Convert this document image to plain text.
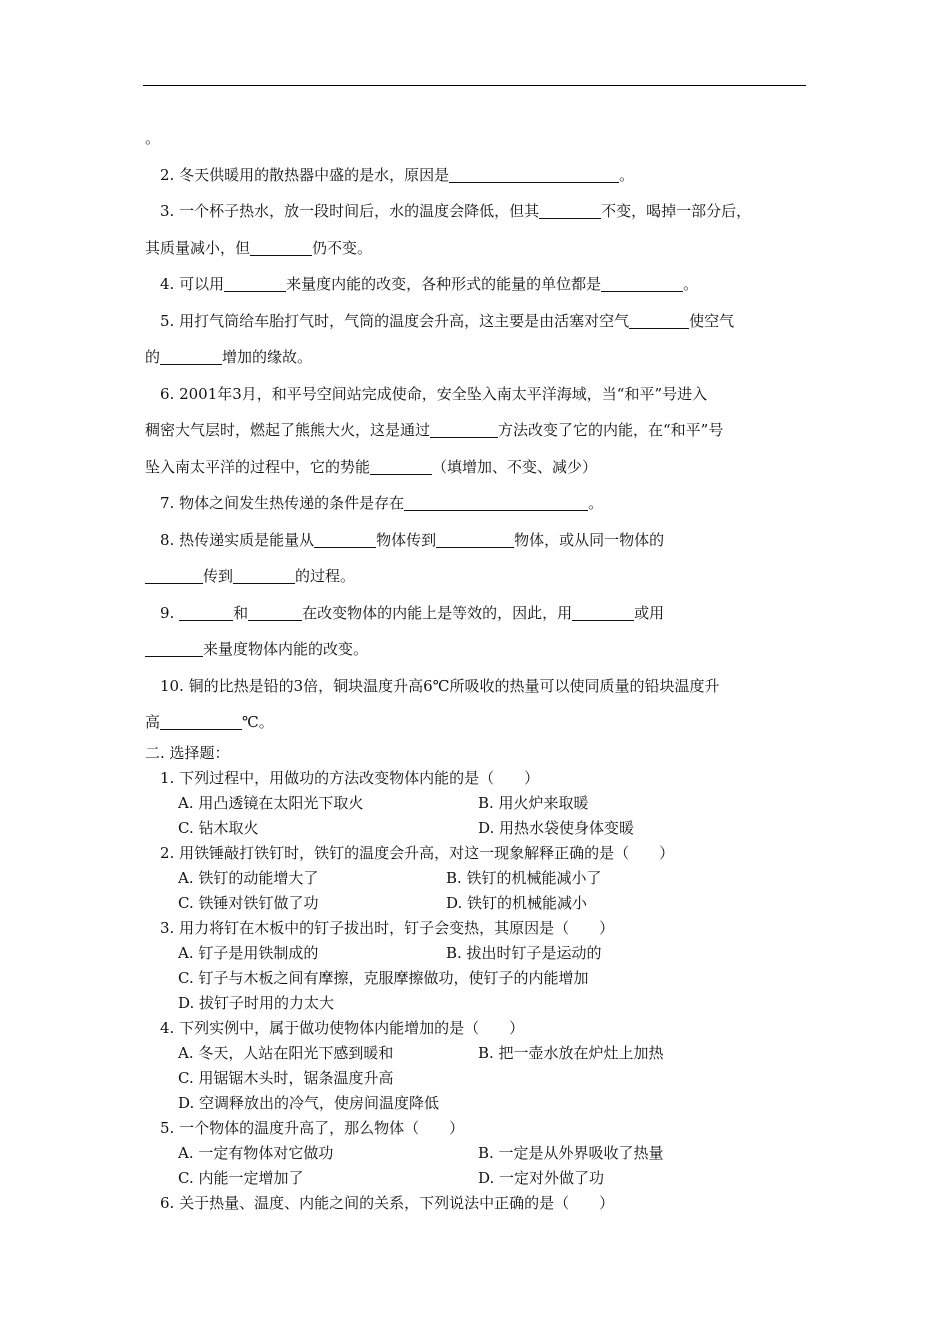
。

2. 冬天供暖用的散热器中盛的是水，原因是	。

3. 一个杯子热水，放一段时间后，水的温度会降低，但其	不变，喝掉一部分后，

其质量减小，但	仍不变。

4. 可以用	来量度内能的改变，各种形式的能量的单位都是	。

5. 用打气筒给车胎打气时，气筒的温度会升高，这主要是由活塞对空气	使空气

的	增加的缘故。

6. 2001年3月，和平号空间站完成使命，安全坠入南太平洋海域，当“和平”号进入

稠密大气层时，燃起了熊熊大火，这是通过	方法改变了它的内能，在“和平”号

坠入南太平洋的过程中，它的势能	（填增加、不变、减少）

7. 物体之间发生热传递的条件是存在	。

8. 热传递实质是能量从	物体传到	物体，或从同一物体的

传到	的过程。

9.	和	在改变物体的内能上是等效的，因此，用	或用

来量度物体内能的改变。

10. 铜的比热是铅的3倍，铜块温度升高6℃所吸收的热量可以使同质量的铅块温度升

高	℃。

二. 选择题：

1. 下列过程中，用做功的方法改变物体内能的是（　　）

A. 用凸透镜在太阳光下取火	B. 用火炉来取暖
C. 钻木取火	D. 用热水袋使身体变暖

2. 用铁锤敲打铁钉时，铁钉的温度会升高，对这一现象解释正确的是（　　）

A. 铁钉的动能增大了	B. 铁钉的机械能减小了
C. 铁锤对铁钉做了功	D. 铁钉的机械能减小

3. 用力将钉在木板中的钉子拔出时，钉子会变热，其原因是（　　）

A. 钉子是用铁制成的	B. 拔出时钉子是运动的
C. 钉子与木板之间有摩擦，克服摩擦做功，使钉子的内能增加
D. 拔钉子时用的力太大

4. 下列实例中，属于做功使物体内能增加的是（　　）

A. 冬天，人站在阳光下感到暖和	B. 把一壶水放在炉灶上加热
C. 用锯锯木头时，锯条温度升高
D. 空调释放出的冷气，使房间温度降低

5. 一个物体的温度升高了，那么物体（　　）

A. 一定有物体对它做功	B. 一定是从外界吸收了热量
C. 内能一定增加了	D. 一定对外做了功

6. 关于热量、温度、内能之间的关系，下列说法中正确的是（　　）
